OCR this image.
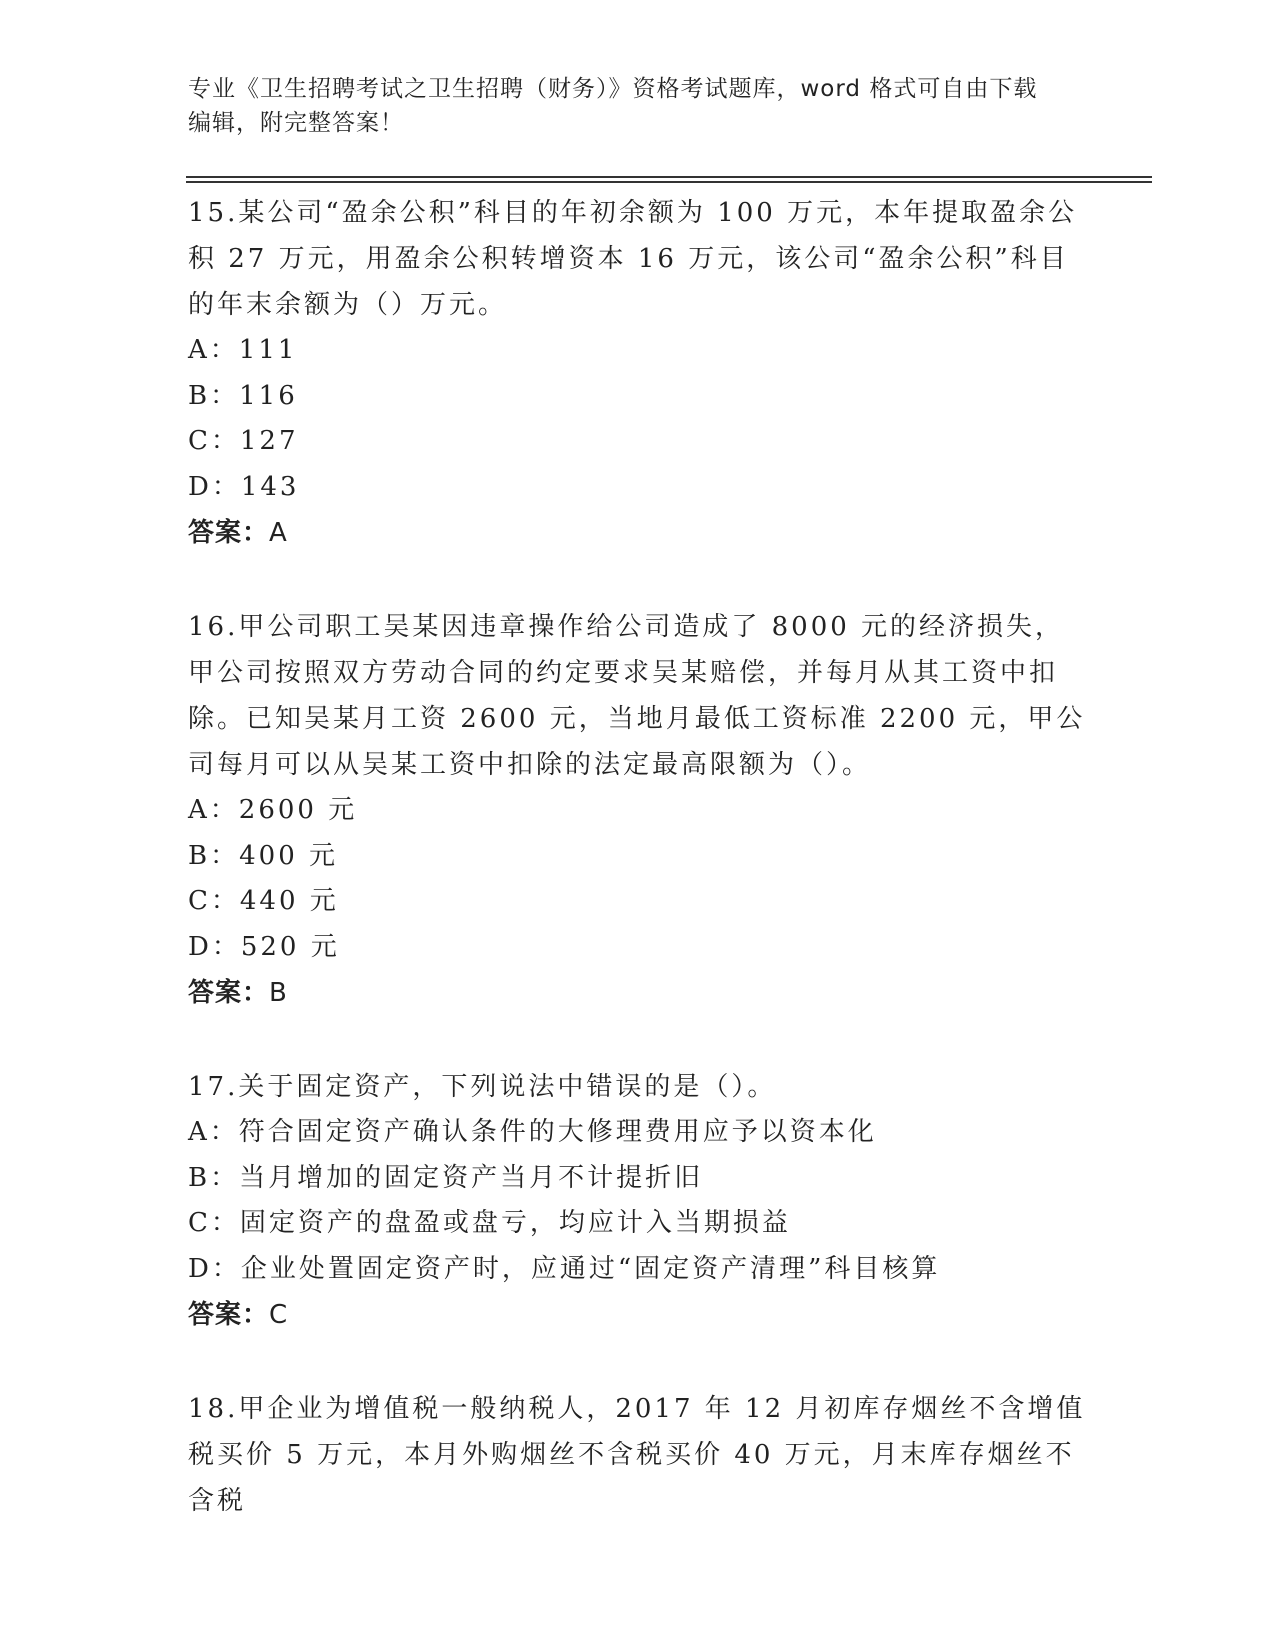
专业《卫生招聘考试之卫生招聘（财务）》资格考试题库，word 格式可自由下载
编辑，附完整答案！

15.某公司“盈余公积”科目的年初余额为 100 万元，本年提取盈余公积 27 万元，用盈余公积转增资本 16 万元，该公司“盈余公积”科目的年末余额为（）万元。

A：111
B：116
C：127
D：143
答案：A

16.甲公司职工吴某因违章操作给公司造成了 8000 元的经济损失，甲公司按照双方劳动合同的约定要求吴某赔偿，并每月从其工资中扣除。已知吴某月工资 2600 元，当地月最低工资标准 2200 元，甲公司每月可以从吴某工资中扣除的法定最高限额为（）。

A：2600 元
B：400 元
C：440 元
D：520 元
答案：B

17.关于固定资产，下列说法中错误的是（）。

A：符合固定资产确认条件的大修理费用应予以资本化
B：当月增加的固定资产当月不计提折旧
C：固定资产的盘盈或盘亏，均应计入当期损益
D：企业处置固定资产时，应通过“固定资产清理”科目核算
答案：C

18.甲企业为增值税一般纳税人，2017 年 12 月初库存烟丝不含增值税买价 5 万元，本月外购烟丝不含税买价 40 万元，月末库存烟丝不含税
